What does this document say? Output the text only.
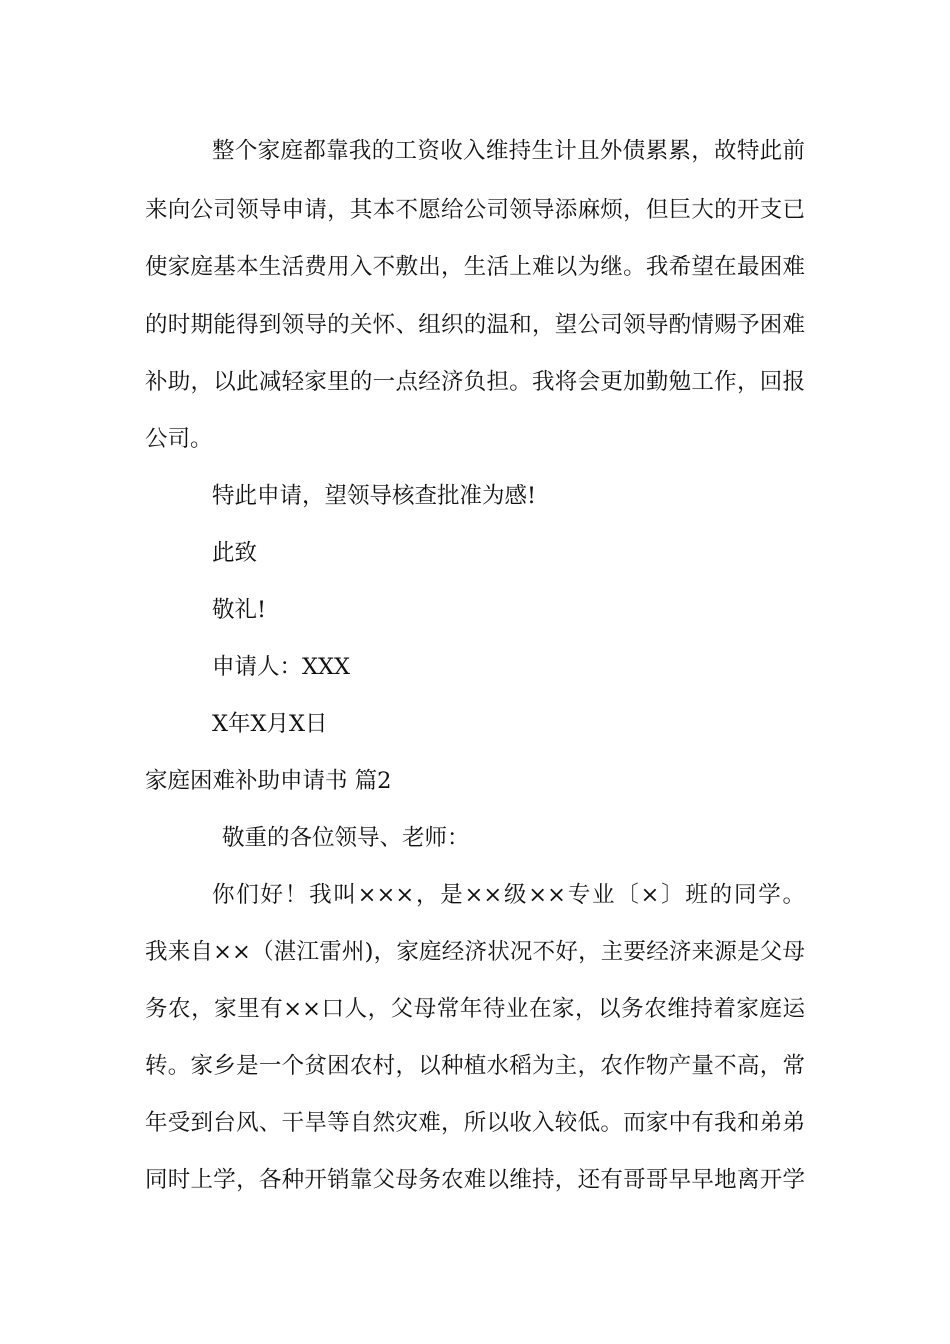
整个家庭都靠我的工资收入维持生计且外债累累，故特此前
来向公司领导申请，其本不愿给公司领导添麻烦，但巨大的开支已
使家庭基本生活费用入不敷出，生活上难以为继。我希望在最困难
的时期能得到领导的关怀、组织的温和，望公司领导酌情赐予困难
补助，以此减轻家里的一点经济负担。我将会更加勤勉工作，回报
公司。
特此申请，望领导核查批准为感!
此致
敬礼!
申请人：XXX
X年X月X日
家庭困难补助申请书 篇2
敬重的各位领导、老师：
你们好！我叫×××，是××级××专业〔×〕班的同学。
我来自××（湛江雷州)，家庭经济状况不好，主要经济来源是父母
务农，家里有××口人，父母常年待业在家，以务农维持着家庭运
转。家乡是一个贫困农村，以种植水稻为主，农作物产量不高，常
年受到台风、干旱等自然灾难，所以收入较低。而家中有我和弟弟
同时上学，各种开销靠父母务农难以维持，还有哥哥早早地离开学
